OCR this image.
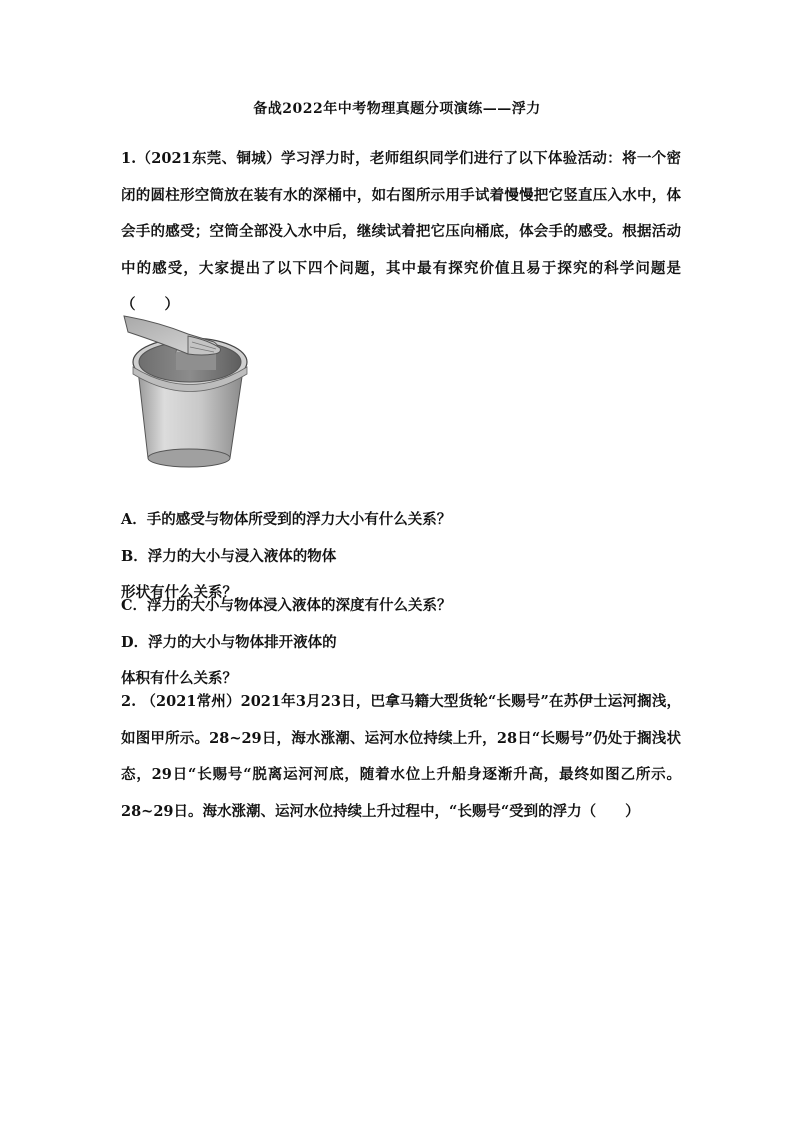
备战2022年中考物理真题分项演练——浮力
1.（2021东莞、铜城）学习浮力时，老师组织同学们进行了以下体验活动：将一个密闭的圆柱形空筒放在装有水的深桶中，如右图所示用手试着慢慢把它竖直压入水中，体会手的感受；空筒全部没入水中后，继续试着把它压向桶底，体会手的感受。根据活动中的感受，大家提出了以下四个问题，其中最有探究价值且易于探究的科学问题是（　　）
A．手的感受与物体所受到的浮力大小有什么关系？B．浮力的大小与浸入液体的物体
形状有什么关系？
C．浮力的大小与物体浸入液体的深度有什么关系？D．浮力的大小与物体排开液体的
体积有什么关系？
2. （2021常州）2021年3月23日，巴拿马籍大型货轮“长赐号”在苏伊士运河搁浅，如图甲所示。28~29日，海水涨潮、运河水位持续上升，28日“长赐号”仍处于搁浅状态，29日“长赐号“脱离运河河底，随着水位上升船身逐渐升高，最终如图乙所示。28~29日。海水涨潮、运河水位持续上升过程中，“长赐号“受到的浮力（　　）
